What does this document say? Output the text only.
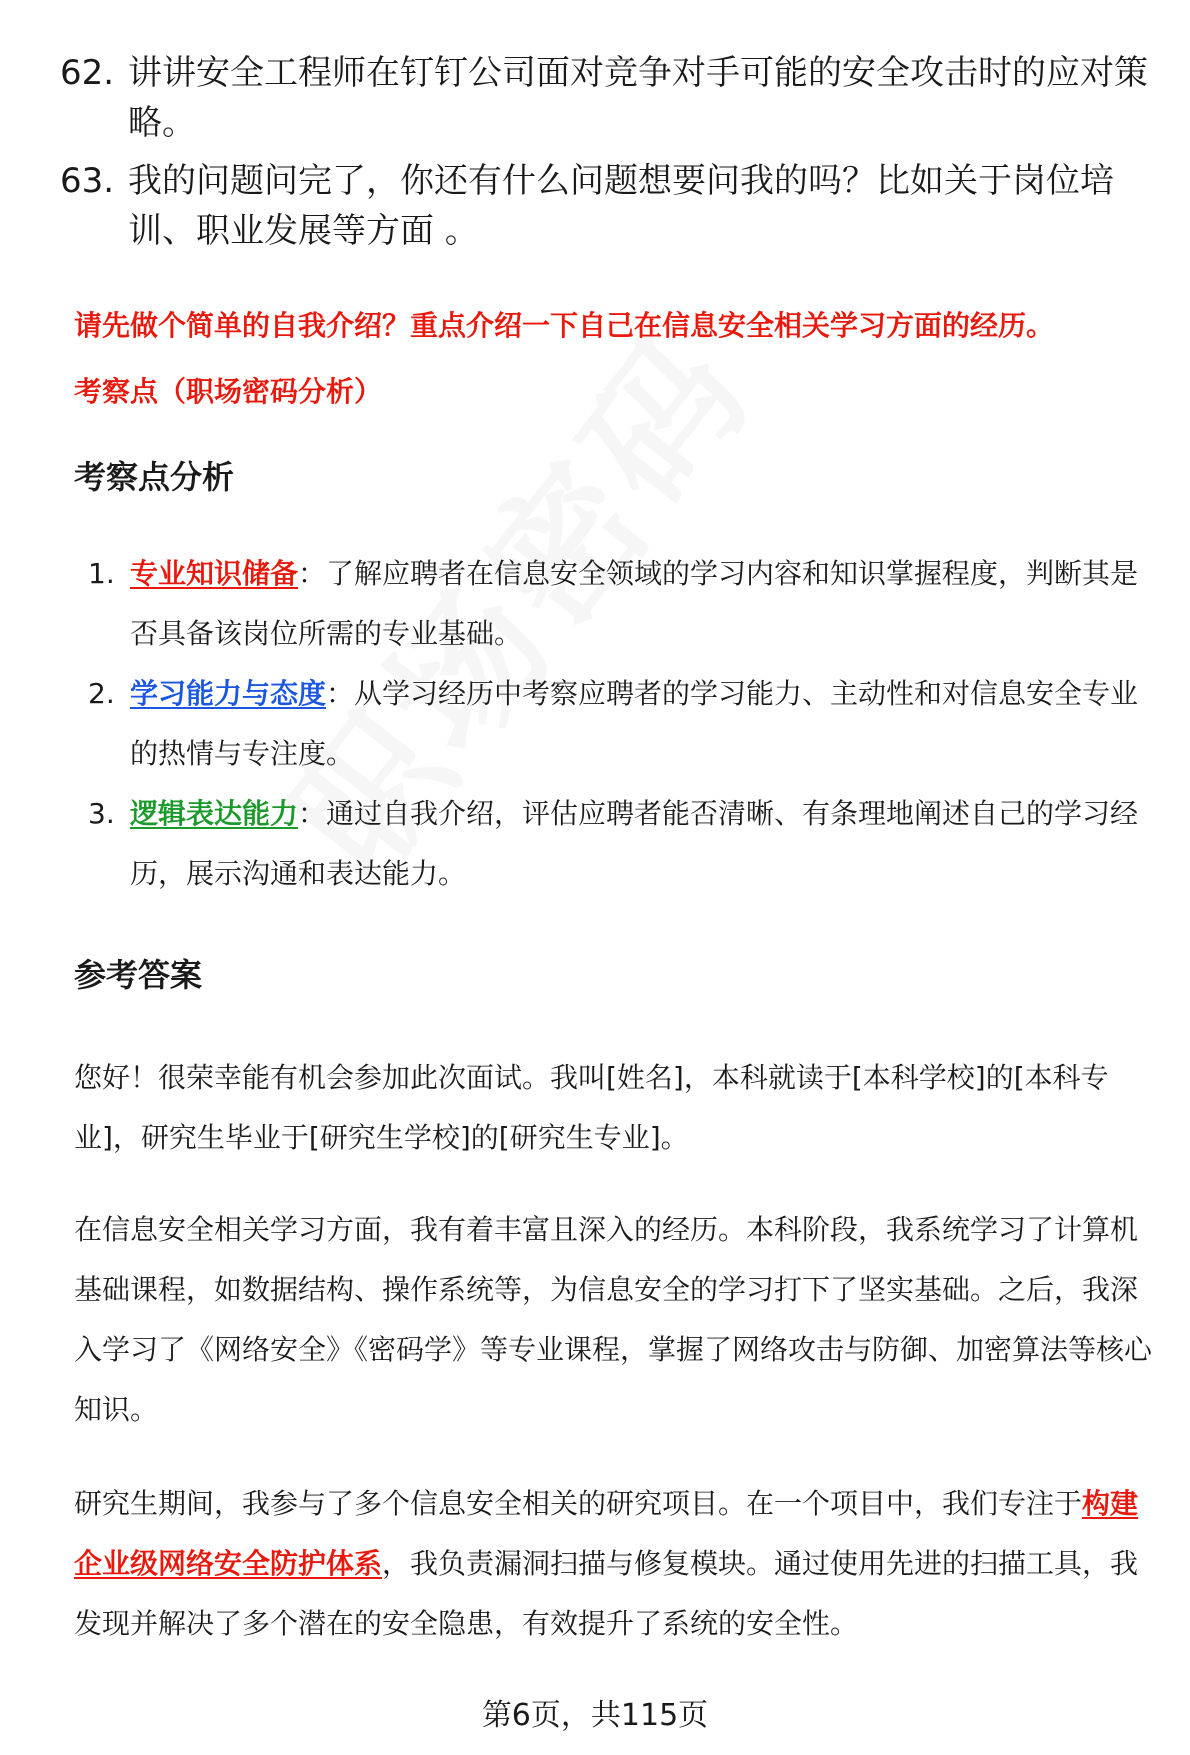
62. 讲讲安全工程师在钉钉公司面对竞争对手可能的安全攻击时的应对策略。
63. 我的问题问完了，你还有什么问题想要问我的吗？比如关于岗位培训、职业发展等方面 。
请先做个简单的自我介绍？重点介绍一下自己在信息安全相关学习方面的经历。
考察点（职场密码分析）
考察点分析
1. 专业知识储备：了解应聘者在信息安全领域的学习内容和知识掌握程度，判断其是否具备该岗位所需的专业基础。
2. 学习能力与态度：从学习经历中考察应聘者的学习能力、主动性和对信息安全专业的热情与专注度。
3. 逻辑表达能力：通过自我介绍，评估应聘者能否清晰、有条理地阐述自己的学习经历，展示沟通和表达能力。
参考答案
您好！很荣幸能有机会参加此次面试。我叫[姓名]，本科就读于[本科学校]的[本科专业]，研究生毕业于[研究生学校]的[研究生专业]。
在信息安全相关学习方面，我有着丰富且深入的经历。本科阶段，我系统学习了计算机基础课程，如数据结构、操作系统等，为信息安全的学习打下了坚实基础。之后，我深入学习了《网络安全》《密码学》等专业课程，掌握了网络攻击与防御、加密算法等核心知识。
研究生期间，我参与了多个信息安全相关的研究项目。在一个项目中，我们专注于构建企业级网络安全防护体系，我负责漏洞扫描与修复模块。通过使用先进的扫描工具，我发现并解决了多个潜在的安全隐患，有效提升了系统的安全性。
第6页，共115页
